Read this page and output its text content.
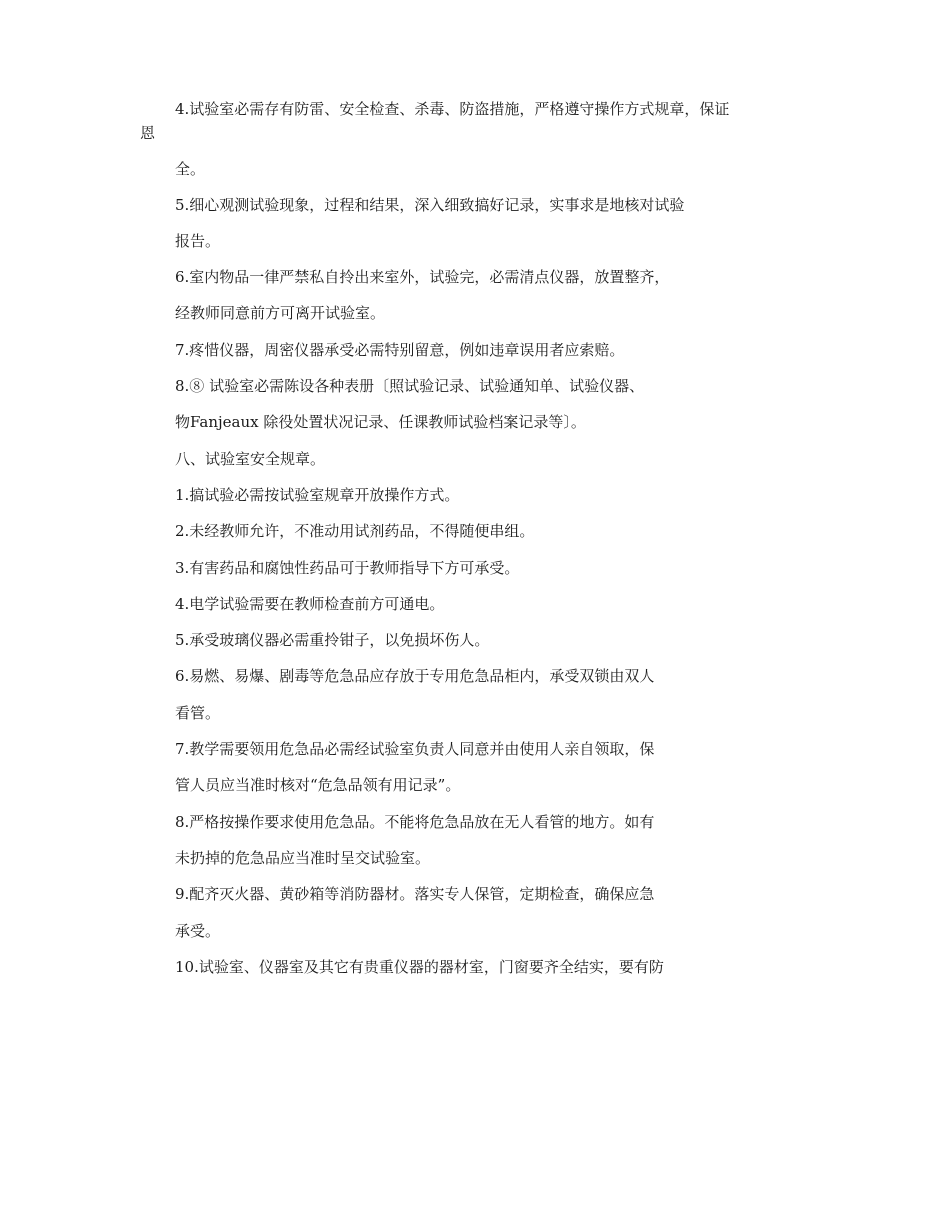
4.试验室必需存有防雷、安全检查、杀毒、防盗措施，严格遵守操作方式规章，保证
恩
全。
5.细心观测试验现象，过程和结果，深入细致搞好记录，实事求是地核对试验
报告。
6.室内物品一律严禁私自拎出来室外，试验完，必需清点仪器，放置整齐，
经教师同意前方可离开试验室。
7.疼惜仪器，周密仪器承受必需特别留意，例如违章误用者应索赔。
8.⑧ 试验室必需陈设各种表册〔照试验记录、试验通知单、试验仪器、
物Fanjeaux 除役处置状况记录、任课教师试验档案记录等〕。
八、试验室安全规章。
1.搞试验必需按试验室规章开放操作方式。
2.未经教师允许，不准动用试剂药品，不得随便串组。
3.有害药品和腐蚀性药品可于教师指导下方可承受。
4.电学试验需要在教师检查前方可通电。
5.承受玻璃仪器必需重拎钳子，以免损坏伤人。
6.易燃、易爆、剧毒等危急品应存放于专用危急品柜内，承受双锁由双人
看管。
7.教学需要领用危急品必需经试验室负责人同意并由使用人亲自领取，保
管人员应当准时核对“危急品领有用记录”。
8.严格按操作要求使用危急品。不能将危急品放在无人看管的地方。如有
未扔掉的危急品应当准时呈交试验室。
9.配齐灭火器、黄砂箱等消防器材。落实专人保管，定期检查，确保应急
承受。
10.试验室、仪器室及其它有贵重仪器的器材室，门窗要齐全结实，要有防
